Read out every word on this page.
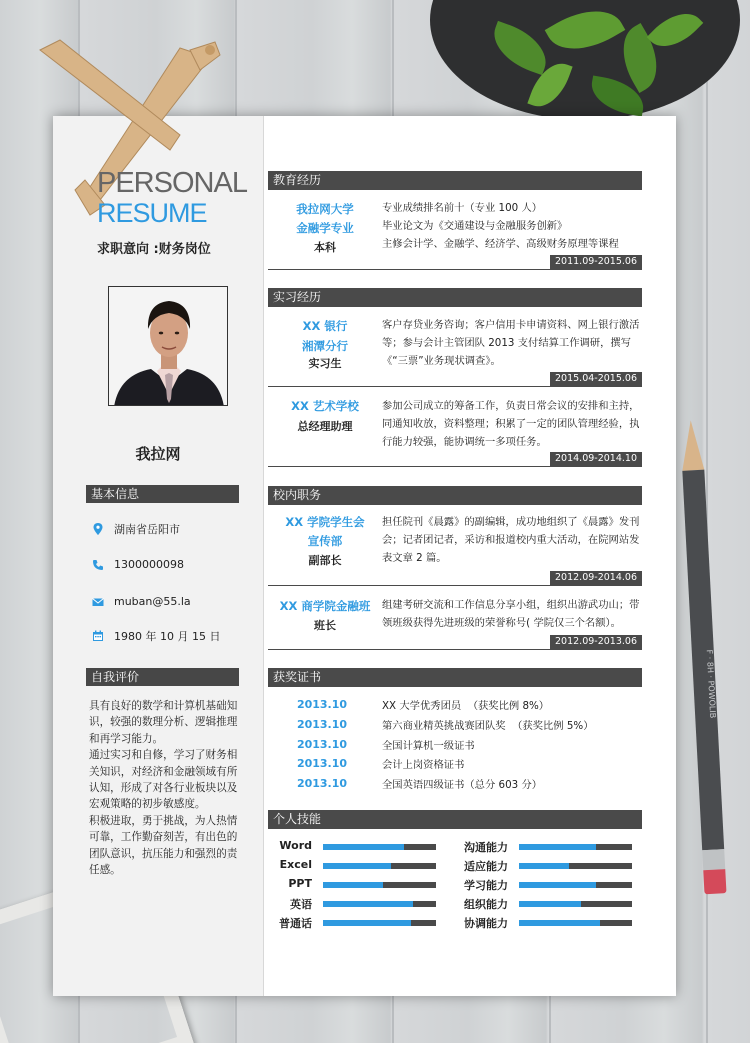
F · 8H · POWOLIB
PERSONAL
RESUME
求职意向 :财务岗位
我拉网
基本信息
湖南省岳阳市
1300000098
muban@55.la
1980 年 10 月 15 日
自我评价

具有良好的数学和计算机基础知识，较强的数理分析、逻辑推理和再学习能力。

通过实习和自修，学习了财务相关知识，对经济和金融领域有所认知，形成了对各行业板块以及宏观策略的初步敏感度。

积极进取，勇于挑战，为人热情可靠，工作勤奋刻苦，有出色的团队意识，抗压能力和强烈的责任感。

教育经历
我拉网大学
金融学专业
本科
专业成绩排名前十（专业 100 人）
毕业论文为《交通建设与金融服务创新》
主修会计学、金融学、经济学、高级财务原理等课程
2011.09-2015.06
实习经历
XX 银行
湘潭分行
实习生
客户存贷业务咨询；客户信用卡申请资料、网上银行激活等；参与会计主管团队 2013 支付结算工作调研，撰写《“三票”业务现状调查》。
2015.04-2015.06
XX 艺术学校
总经理助理
参加公司成立的筹备工作，负责日常会议的安排和主持，同通知收放，资料整理；积累了一定的团队管理经验，执行能力较强，能协调统一多项任务。
2014.09-2014.10
校内职务
XX 学院学生会
宣传部
副部长
担任院刊《晨露》的副编辑，成功地组织了《晨露》发刊会；记者团记者，采访和报道校内重大活动，在院网站发表文章 2 篇。
2012.09-2014.06
XX 商学院金融班
班长
组建考研交流和工作信息分享小组，组织出游武功山；带领班级获得先进班级的荣誉称号( 学院仅三个名额）。
2012.09-2013.06
获奖证书
2013.10	XX 大学优秀团员  （获奖比例 8%）
2013.10	第六商业精英挑战赛团队奖  （获奖比例 5%）
2013.10	全国计算机一级证书
2013.10	会计上岗资格证书
2013.10	全国英语四级证书（总分 603 分）
个人技能
Word
Excel
PPT
英语
普通话
沟通能力
适应能力
学习能力
组织能力
协调能力
